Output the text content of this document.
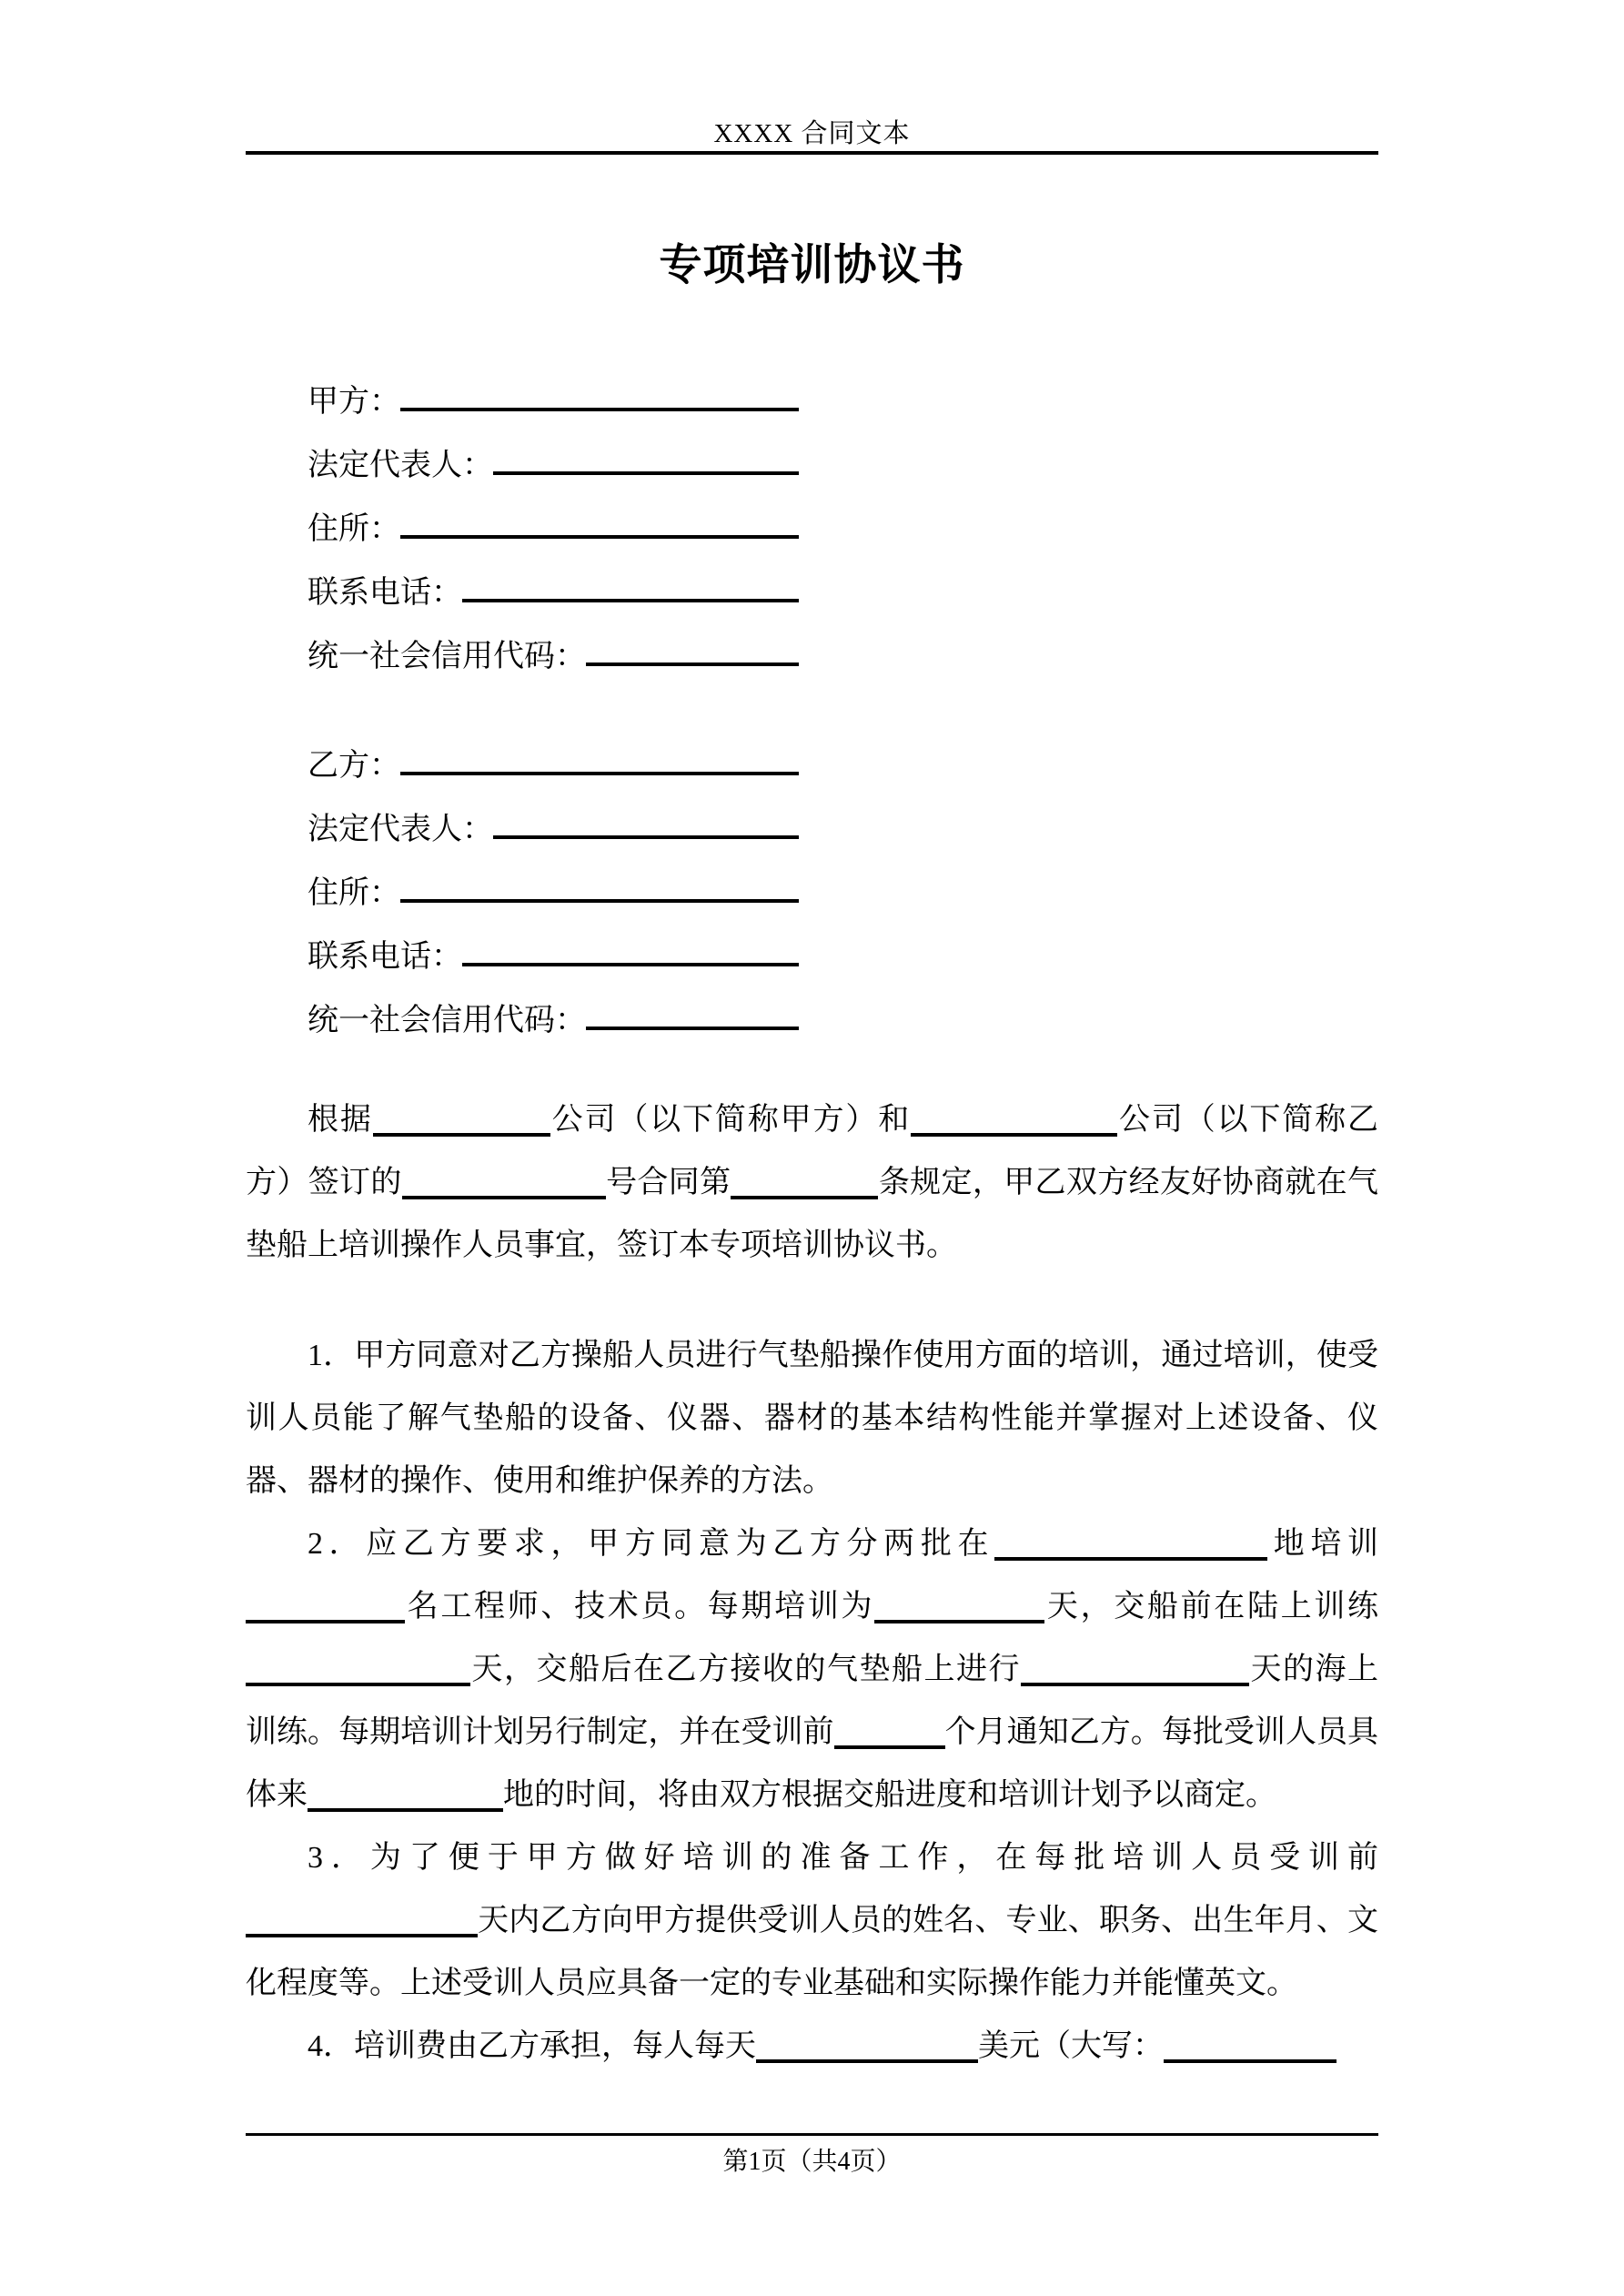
XXXX 合同文本
专项培训协议书
甲方：
法定代表人：
住所：
联系电话：
统一社会信用代码：
乙方：
法定代表人：
住所：
联系电话：
统一社会信用代码：

根据	公司（以下简称甲方）和	公司（以下简称乙方）签订的	号合同第	条规定，甲乙双方经友好协商就在气垫船上培训操作人员事宜，签订本专项培训协议书。

1．甲方同意对乙方操船人员进行气垫船操作使用方面的培训，通过培训，使受训人员能了解气垫船的设备、仪器、器材的基本结构性能并掌握对上述设备、仪器、器材的操作、使用和维护保养的方法。

2．应乙方要求，甲方同意为乙方分两批在	地培训名工程师、技术员。每期培训为	天，交船前在陆上训练天，交船后在乙方接收的气垫船上进行	天的海上训练。每期培训计划另行制定，并在受训前	个月通知乙方。每批受训人员具体来	地的时间，将由双方根据交船进度和培训计划予以商定。

3．为了便于甲方做好培训的准备工作，在每批培训人员受训前天内乙方向甲方提供受训人员的姓名、专业、职务、出生年月、文化程度等。上述受训人员应具备一定的专业基础和实际操作能力并能懂英文。

4．培训费由乙方承担，每人每天	美元（大写：

第1页（共4页）
